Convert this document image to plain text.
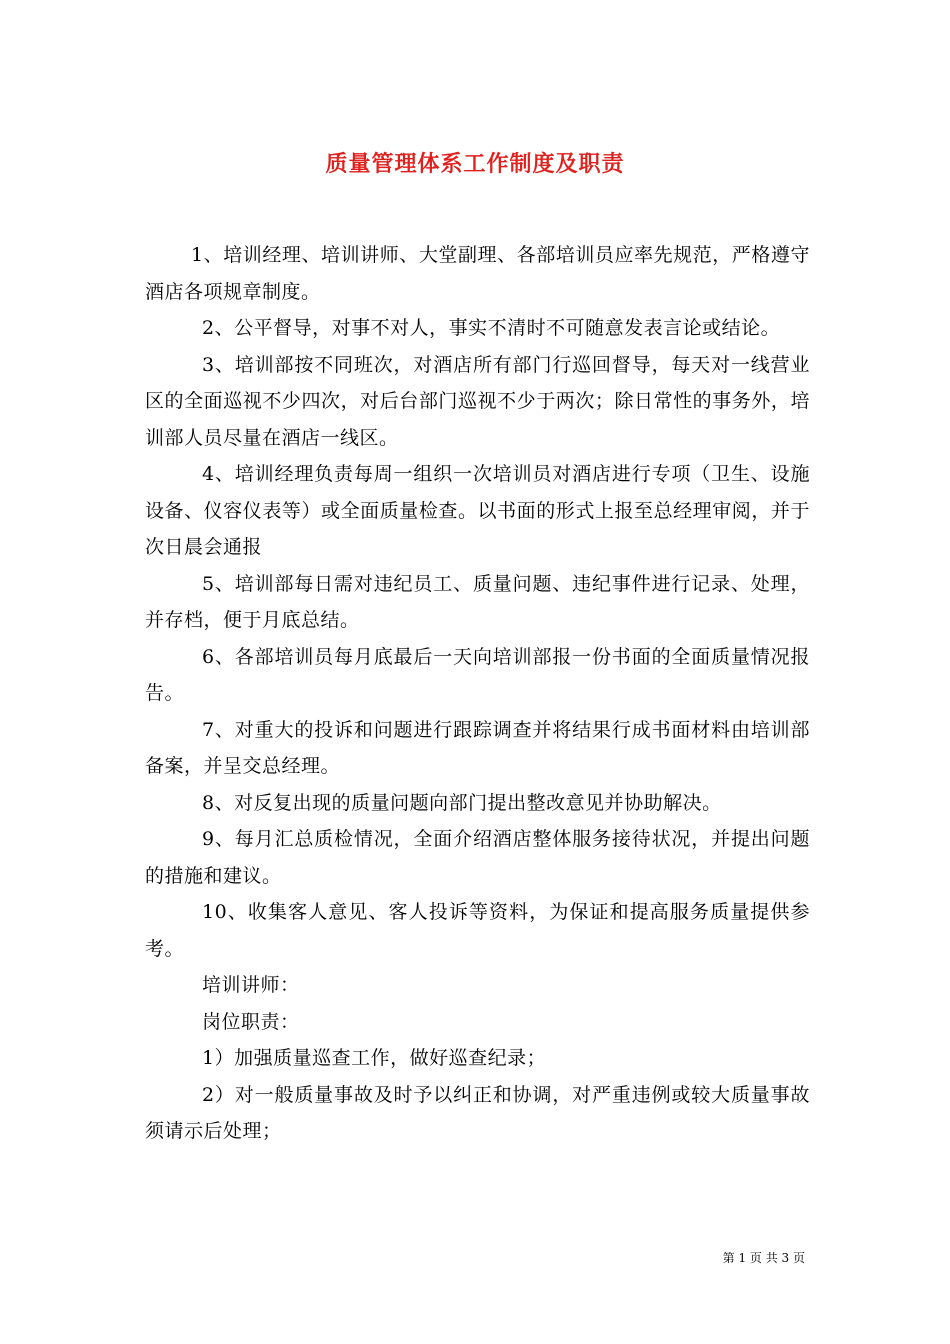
质量管理体系工作制度及职责

1、培训经理、培训讲师、大堂副理、各部培训员应率先规范，严格遵守酒店各项规章制度。

2、公平督导，对事不对人，事实不清时不可随意发表言论或结论。

3、培训部按不同班次，对酒店所有部门行巡回督导，每天对一线营业区的全面巡视不少四次，对后台部门巡视不少于两次；除日常性的事务外，培训部人员尽量在酒店一线区。

4、培训经理负责每周一组织一次培训员对酒店进行专项（卫生、设施设备、仪容仪表等）或全面质量检查。以书面的形式上报至总经理审阅，并于次日晨会通报

5、培训部每日需对违纪员工、质量问题、违纪事件进行记录、处理，并存档，便于月底总结。

6、各部培训员每月底最后一天向培训部报一份书面的全面质量情况报告。

7、对重大的投诉和问题进行跟踪调查并将结果行成书面材料由培训部备案，并呈交总经理。

8、对反复出现的质量问题向部门提出整改意见并协助解决。

9、每月汇总质检情况，全面介绍酒店整体服务接待状况，并提出问题的措施和建议。

10、收集客人意见、客人投诉等资料，为保证和提高服务质量提供参考。

培训讲师：

岗位职责：

1）加强质量巡查工作，做好巡查纪录；

2）对一般质量事故及时予以纠正和协调，对严重违例或较大质量事故须请示后处理；

第 1 页 共 3 页
